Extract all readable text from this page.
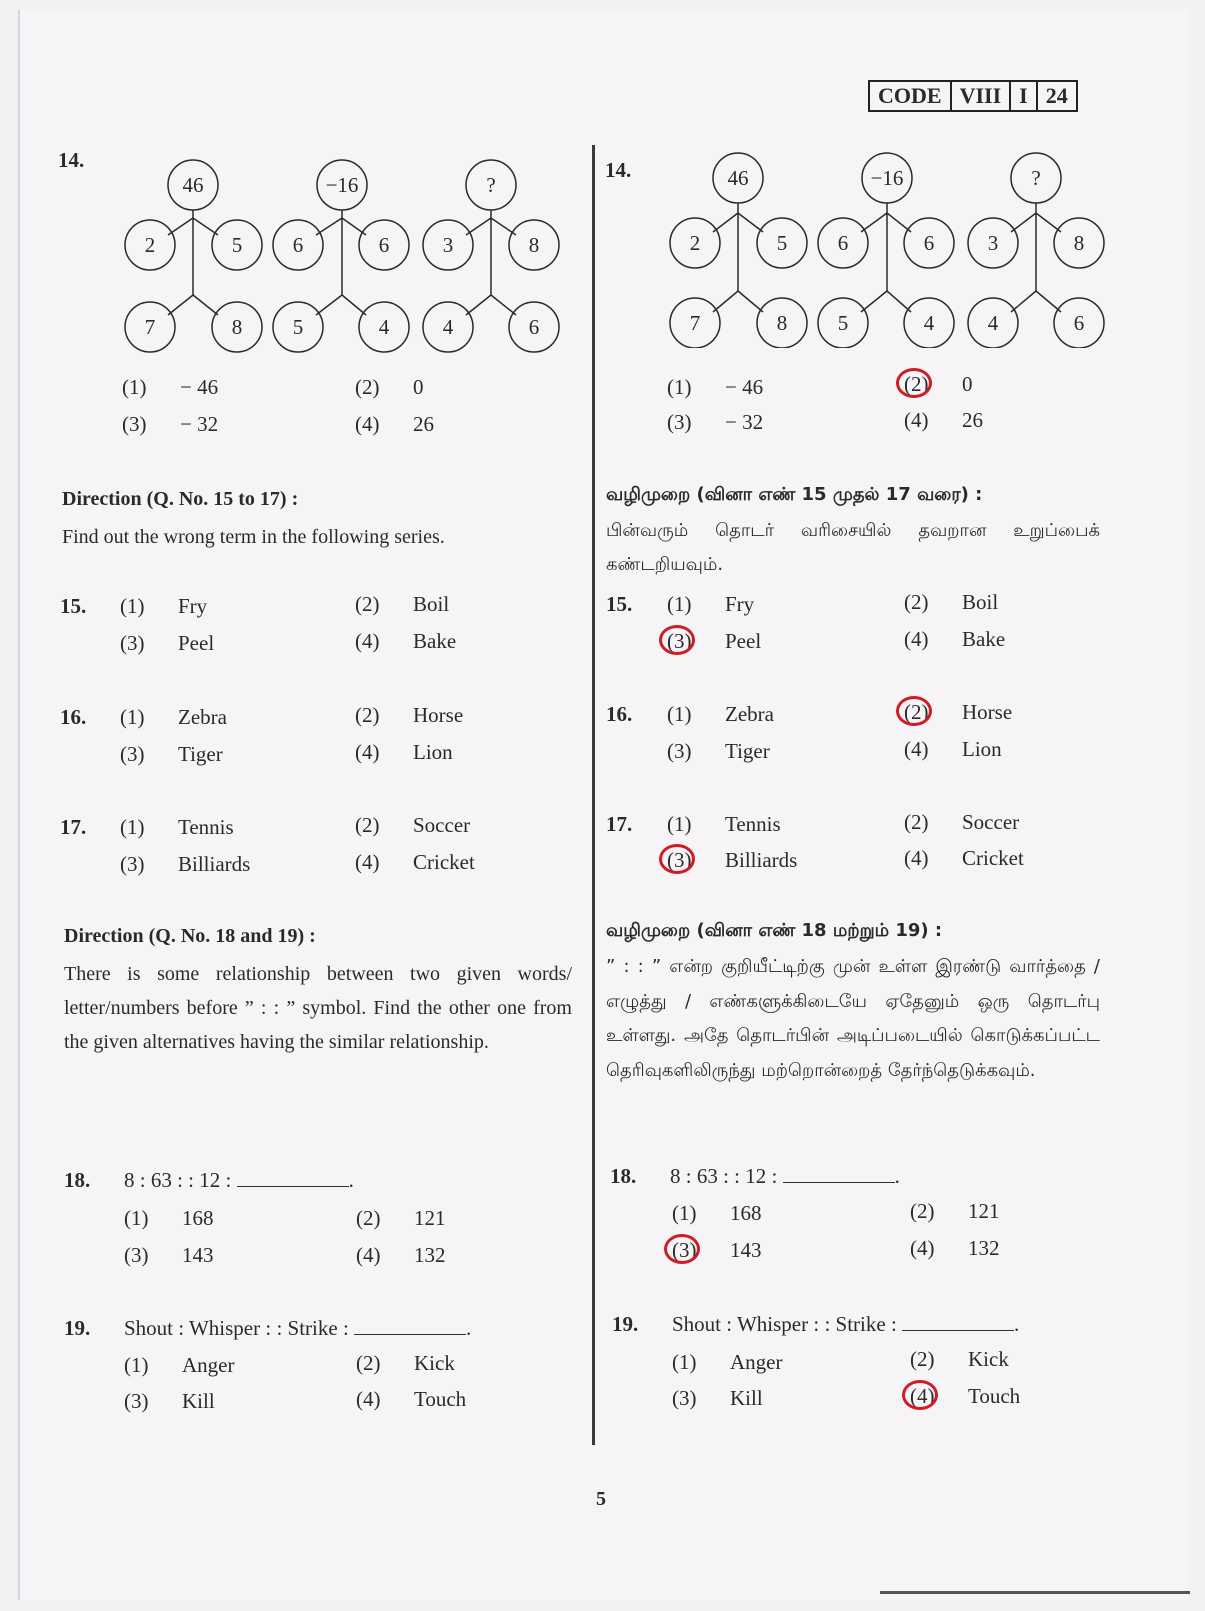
CODE VIII I 24
14.
46
2	5
7	8
−16
6	6
5	4
?
3	8
4	6
(1) − 46	(2) 0
(3) − 32	(4) 26
Direction (Q. No. 15 to 17) :
Find out the wrong term in the following series.
15. (1) Fry	(2) Boil
(3) Peel	(4) Bake
16. (1) Zebra	(2) Horse
(3) Tiger	(4) Lion
17. (1) Tennis	(2) Soccer
(3) Billiards	(4) Cricket
Direction (Q. No. 18 and 19) :
There is some relationship between two given words/ letter/numbers before ” : : ” symbol. Find the other one from the given alternatives having the similar relationship.
18. 8 : 63 : : 12 :	.
(1) 168	(2) 121
(3) 143	(4) 132
19. Shout : Whisper : : Strike :	.
(1) Anger	(2) Kick
(3) Kill	(4) Touch
14.	46
2	5
7	8
−16
6	6
5	4
?
3	8
4	6
(1) − 46	(2) 0
(3) − 32	(4) 26
வழிமுறை (வினா எண் 15 முதல் 17 வரை) :
பின்வரும் தொடர் வரிசையில் தவறான உறுப்பைக் கண்டறியவும்.
15. (1) Fry	(2) Boil
(3) Peel	(4) Bake
16. (1) Zebra	(2) Horse
(3) Tiger	(4) Lion
17. (1) Tennis	(2) Soccer
(3) Billiards	(4) Cricket
வழிமுறை (வினா எண் 18 மற்றும் 19) :
” : : ” என்ற குறியீட்டிற்கு முன் உள்ள இரண்டு வார்த்தை / எழுத்து / எண்களுக்கிடையே ஏதேனும் ஒரு தொடர்பு உள்ளது. அதே தொடர்பின் அடிப்படையில் கொடுக்கப்பட்ட தெரிவுகளிலிருந்து மற்றொன்றைத் தேர்ந்தெடுக்கவும்.
18. 8 : 63 : : 12 :	.
(1) 168	(2) 121
(3) 143	(4) 132
19. Shout : Whisper : : Strike :	.
(1) Anger	(2) Kick
(3) Kill	(4) Touch
5
